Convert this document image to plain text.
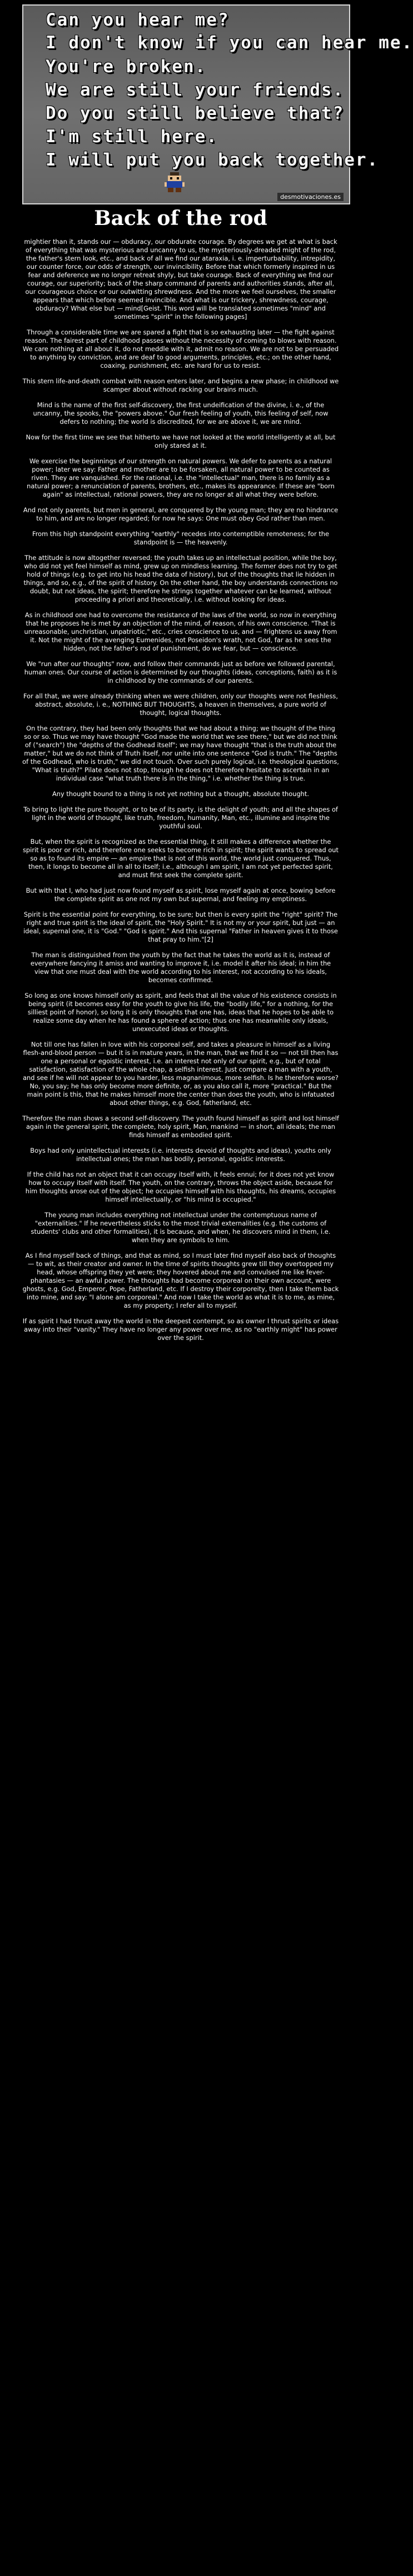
Can you hear me?
I don't know if you can hear me.
You're broken.
We are still your friends.
Do you still believe that?
I'm still here.
I will put you back together.
desmotivaciones.es
Back of the rod

mightier than it, stands our — obduracy, our obdurate courage. By degrees we get at what is back of everything that was mysterious and uncanny to us, the mysteriously-dreaded might of the rod, the father's stern look, etc., and back of all we find our ataraxia, i. e. imperturbability, intrepidity, our counter force, our odds of strength, our invincibility. Before that which formerly inspired in us fear and deference we no longer retreat shyly, but take courage. Back of everything we find our courage, our superiority; back of the sharp command of parents and authorities stands, after all, our courageous choice or our outwitting shrewdness. And the more we feel ourselves, the smaller appears that which before seemed invincible. And what is our trickery, shrewdness, courage, obduracy? What else but — mind[Geist. This word will be translated sometimes "mind" and sometimes "spirit" in the following pages]

Through a considerable time we are spared a fight that is so exhausting later — the fight against reason. The fairest part of childhood passes without the necessity of coming to blows with reason. We care nothing at all about it, do not meddle with it, admit no reason. We are not to be persuaded to anything by conviction, and are deaf to good arguments, principles, etc.; on the other hand, coaxing, punishment, etc. are hard for us to resist.

This stern life-and-death combat with reason enters later, and begins a new phase; in childhood we scamper about without racking our brains much.

Mind is the name of the first self-discovery, the first undeification of the divine, i. e., of the uncanny, the spooks, the "powers above." Our fresh feeling of youth, this feeling of self, now defers to nothing; the world is discredited, for we are above it, we are mind.

Now for the first time we see that hitherto we have not looked at the world intelligently at all, but only stared at it.

We exercise the beginnings of our strength on natural powers. We defer to parents as a natural power; later we say: Father and mother are to be forsaken, all natural power to be counted as riven. They are vanquished. For the rational, i.e. the "intellectual" man, there is no family as a natural power; a renunciation of parents, brothers, etc., makes its appearance. If these are "born again" as intellectual, rational powers, they are no longer at all what they were before.

And not only parents, but men in general, are conquered by the young man; they are no hindrance to him, and are no longer regarded; for now he says: One must obey God rather than men.

From this high standpoint everything "earthly" recedes into contemptible remoteness; for the standpoint is — the heavenly.

The attitude is now altogether reversed; the youth takes up an intellectual position, while the boy, who did not yet feel himself as mind, grew up on mindless learning. The former does not try to get hold of things (e.g. to get into his head the data of history), but of the thoughts that lie hidden in things, and so, e.g., of the spirit of history. On the other hand, the boy understands connections no doubt, but not ideas, the spirit; therefore he strings together whatever can be learned, without proceeding a priori and theoretically, i.e. without looking for ideas.

As in childhood one had to overcome the resistance of the laws of the world, so now in everything that he proposes he is met by an objection of the mind, of reason, of his own conscience. "That is unreasonable, unchristian, unpatriotic," etc., cries conscience to us, and — frightens us away from it. Not the might of the avenging Eumenides, not Poseidon's wrath, not God, far as he sees the hidden, not the father's rod of punishment, do we fear, but — conscience.

We "run after our thoughts" now, and follow their commands just as before we followed parental, human ones. Our course of action is determined by our thoughts (ideas, conceptions, faith) as it is in childhood by the commands of our parents.

For all that, we were already thinking when we were children, only our thoughts were not fleshless, abstract, absolute, i. e., NOTHING BUT THOUGHTS, a heaven in themselves, a pure world of thought, logical thoughts.

On the contrary, they had been only thoughts that we had about a thing; we thought of the thing so or so. Thus we may have thought "God made the world that we see there," but we did not think of ("search") the "depths of the Godhead itself"; we may have thought "that is the truth about the matter," but we do not think of Truth itself, nor unite into one sentence "God is truth." The "depths of the Godhead, who is truth," we did not touch. Over such purely logical, i.e. theological questions, "What is truth?" Pilate does not stop, though he does not therefore hesitate to ascertain in an individual case "what truth there is in the thing," i.e. whether the thing is true.

Any thought bound to a thing is not yet nothing but a thought, absolute thought.

To bring to light the pure thought, or to be of its party, is the delight of youth; and all the shapes of light in the world of thought, like truth, freedom, humanity, Man, etc., illumine and inspire the youthful soul.

But, when the spirit is recognized as the essential thing, it still makes a difference whether the spirit is poor or rich, and therefore one seeks to become rich in spirit; the spirit wants to spread out so as to found its empire — an empire that is not of this world, the world just conquered. Thus, then, it longs to become all in all to itself; i.e., although I am spirit, I am not yet perfected spirit, and must first seek the complete spirit.

But with that I, who had just now found myself as spirit, lose myself again at once, bowing before the complete spirit as one not my own but supernal, and feeling my emptiness.

Spirit is the essential point for everything, to be sure; but then is every spirit the "right" spirit? The right and true spirit is the ideal of spirit, the "Holy Spirit." It is not my or your spirit, but just — an ideal, supernal one, it is "God." "God is spirit." And this supernal "Father in heaven gives it to those that pray to him."[2]

The man is distinguished from the youth by the fact that he takes the world as it is, instead of everywhere fancying it amiss and wanting to improve it, i.e. model it after his ideal; in him the view that one must deal with the world according to his interest, not according to his ideals, becomes confirmed.

So long as one knows himself only as spirit, and feels that all the value of his existence consists in being spirit (it becomes easy for the youth to give his life, the "bodily life," for a nothing, for the silliest point of honor), so long it is only thoughts that one has, ideas that he hopes to be able to realize some day when he has found a sphere of action; thus one has meanwhile only ideals, unexecuted ideas or thoughts.

Not till one has fallen in love with his corporeal self, and takes a pleasure in himself as a living flesh-and-blood person — but it is in mature years, in the man, that we find it so — not till then has one a personal or egoistic interest, i.e. an interest not only of our spirit, e.g., but of total satisfaction, satisfaction of the whole chap, a selfish interest. Just compare a man with a youth, and see if he will not appear to you harder, less magnanimous, more selfish. Is he therefore worse? No, you say; he has only become more definite, or, as you also call it, more "practical." But the main point is this, that he makes himself more the center than does the youth, who is infatuated about other things, e.g. God, fatherland, etc.

Therefore the man shows a second self-discovery. The youth found himself as spirit and lost himself again in the general spirit, the complete, holy spirit, Man, mankind — in short, all ideals; the man finds himself as embodied spirit.

Boys had only unintellectual interests (i.e. interests devoid of thoughts and ideas), youths only intellectual ones; the man has bodily, personal, egoistic interests.

If the child has not an object that it can occupy itself with, it feels ennui; for it does not yet know how to occupy itself with itself. The youth, on the contrary, throws the object aside, because for him thoughts arose out of the object; he occupies himself with his thoughts, his dreams, occupies himself intellectually, or "his mind is occupied."

The young man includes everything not intellectual under the contemptuous name of "externalities." If he nevertheless sticks to the most trivial externalities (e.g. the customs of students' clubs and other formalities), it is because, and when, he discovers mind in them, i.e. when they are symbols to him.

As I find myself back of things, and that as mind, so I must later find myself also back of thoughts — to wit, as their creator and owner. In the time of spirits thoughts grew till they overtopped my head, whose offspring they yet were; they hovered about me and convulsed me like fever-phantasies — an awful power. The thoughts had become corporeal on their own account, were ghosts, e.g. God, Emperor, Pope, Fatherland, etc. If I destroy their corporeity, then I take them back into mine, and say: "I alone am corporeal." And now I take the world as what it is to me, as mine, as my property; I refer all to myself.

If as spirit I had thrust away the world in the deepest contempt, so as owner I thrust spirits or ideas away into their "vanity." They have no longer any power over me, as no "earthly might" has power over the spirit.
